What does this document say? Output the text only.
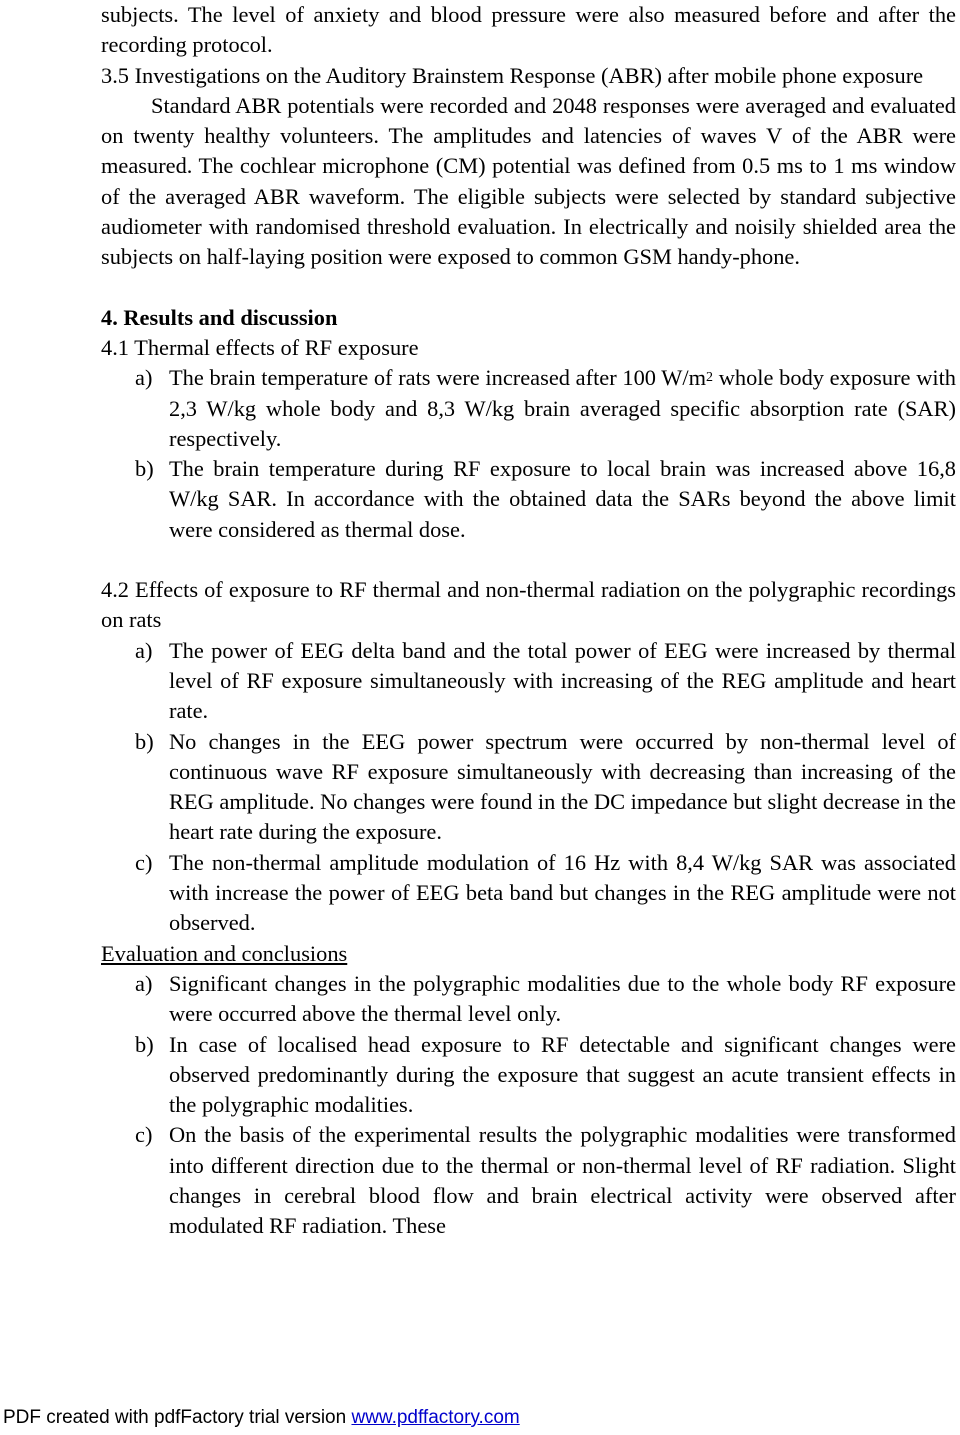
subjects. The level of anxiety and blood pressure were also measured before and after the recording protocol.

3.5 Investigations on the Auditory Brainstem Response (ABR) after mobile phone exposure

Standard ABR potentials were recorded and 2048 responses were averaged and evaluated on twenty healthy volunteers. The amplitudes and latencies of waves V of the ABR were measured. The cochlear microphone (CM) potential was defined from 0.5 ms to 1 ms window of the averaged ABR waveform. The eligible subjects were selected by standard subjective audiometer with randomised threshold evaluation. In electrically and noisily shielded area the subjects on half-laying position were exposed to common GSM handy-phone.

4. Results and discussion

4.1 Thermal effects of RF exposure

a) The brain temperature of rats were increased after 100 $W/m^2$ whole body exposure with 2,3 W/kg whole body and 8,3 W/kg brain averaged specific absorption rate (SAR) respectively.
b) The brain temperature during RF exposure to local brain was increased above 16,8 W/kg SAR. In accordance with the obtained data the SARs beyond the above limit were considered as thermal dose.

4.2 Effects of exposure to RF thermal and non-thermal radiation on the polygraphic recordings on rats

a) The power of EEG delta band and the total power of EEG were increased by thermal level of RF exposure simultaneously with increasing of the REG amplitude and heart rate.
b) No changes in the EEG power spectrum were occurred by non-thermal level of continuous wave RF exposure simultaneously with decreasing than increasing of the REG amplitude. No changes were found in the DC impedance but slight decrease in the heart rate during the exposure.
c) The non-thermal amplitude modulation of 16 Hz with 8,4 W/kg SAR was associated with increase the power of EEG beta band but changes in the REG amplitude were not observed.

Evaluation and conclusions

a) Significant changes in the polygraphic modalities due to the whole body RF exposure were occurred above the thermal level only.
b) In case of localised head exposure to RF detectable and significant changes were observed predominantly during the exposure that suggest an acute transient effects in the polygraphic modalities.
c) On the basis of the experimental results the polygraphic modalities were transformed into different direction due to the thermal or non-thermal level of RF radiation. Slight changes in cerebral blood flow and brain electrical activity were observed after modulated RF radiation. These
PDF created with pdfFactory trial version www.pdffactory.com
